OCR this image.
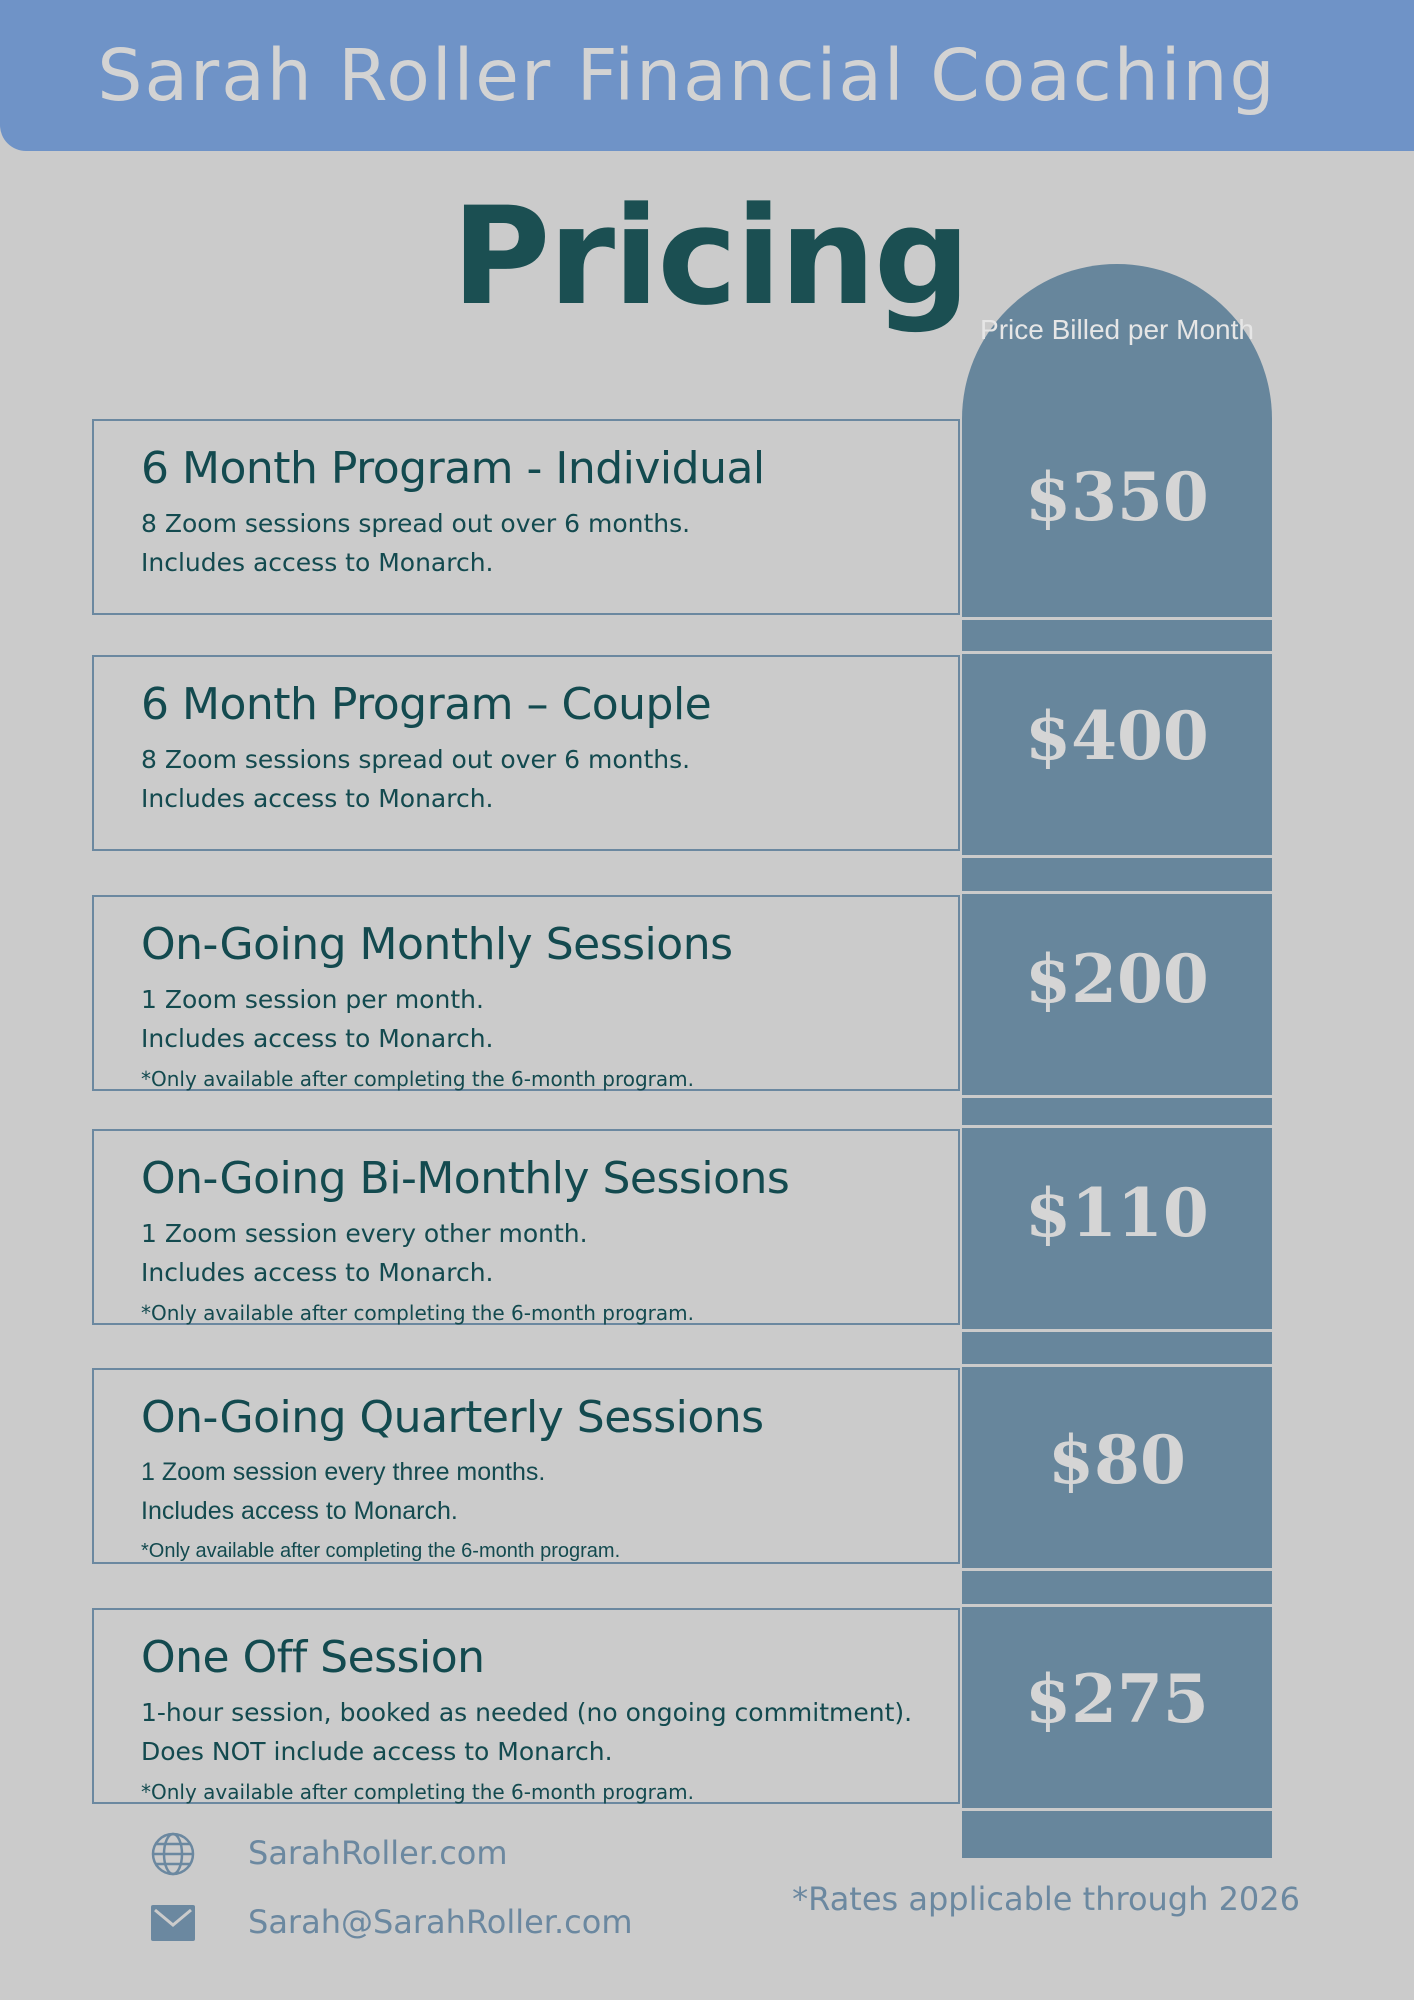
Sarah Roller Financial Coaching
Pricing Price Billed per Month
6 Month Program - Individual
8 Zoom sessions spread out over 6 months.
Includes access to Monarch.
$350
6 Month Program – Couple
8 Zoom sessions spread out over 6 months.
Includes access to Monarch.
$400
On-Going Monthly Sessions
1 Zoom session per month.
Includes access to Monarch.
*Only available after completing the 6-month program.
$200
On-Going Bi-Monthly Sessions
1 Zoom session every other month.
Includes access to Monarch.
*Only available after completing the 6-month program.
$110
On-Going Quarterly Sessions
1 Zoom session every three months.
Includes access to Monarch.
*Only available after completing the 6-month program.
$80
One Off Session
1-hour session, booked as needed (no ongoing commitment).
Does NOT include access to Monarch.
*Only available after completing the 6-month program.
$275
SarahRoller.com
Sarah@SarahRoller.com
*Rates applicable through 2026
